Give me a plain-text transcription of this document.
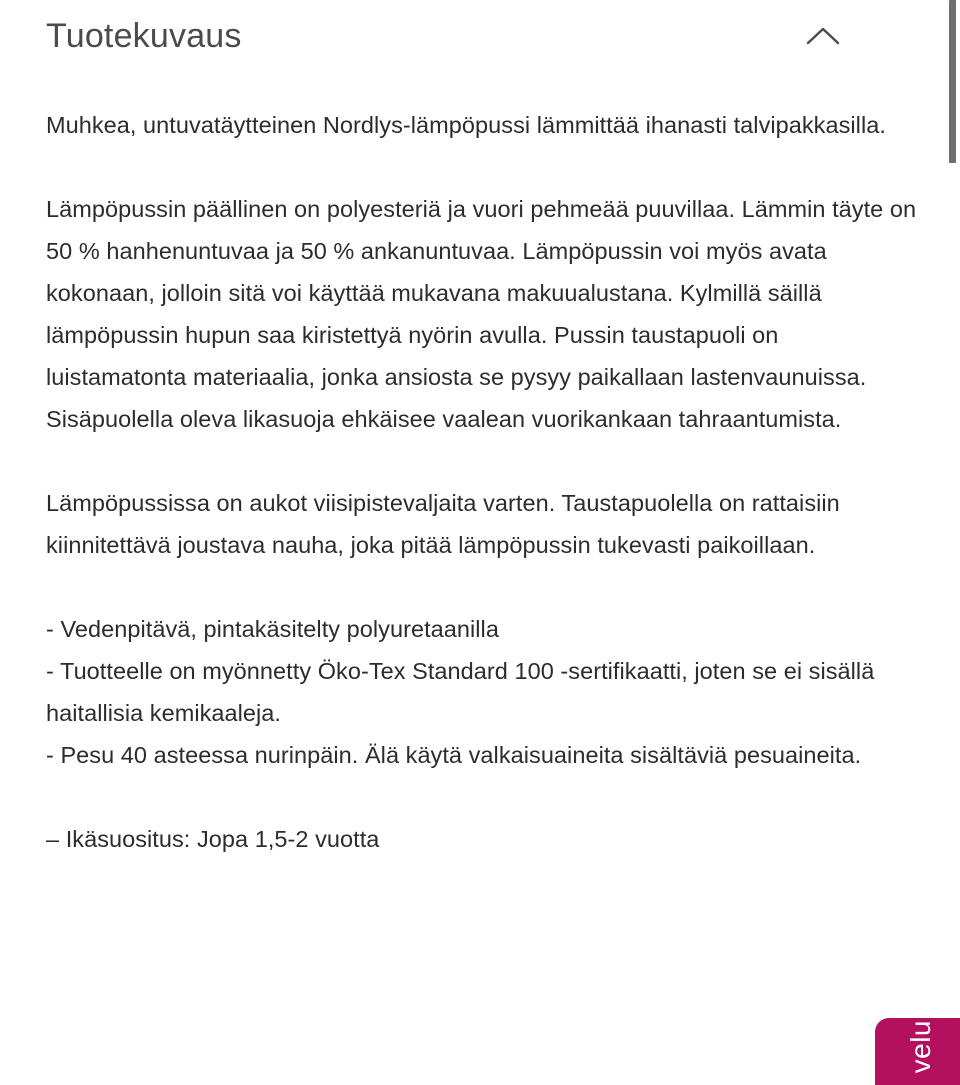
Tuotekuvaus

Muhkea, untuvatäytteinen Nordlys-lämpöpussi lämmittää ihanasti talvipakkasilla.

Lämpöpussin päällinen on polyesteriä ja vuori pehmeää puuvillaa. Lämmin täyte on 50 % hanhenuntuvaa ja 50 % ankanuntuvaa. Lämpöpussin voi myös avata kokonaan, jolloin sitä voi käyttää mukavana makuualustana. Kylmillä säillä lämpöpussin hupun saa kiristettyä nyörin avulla. Pussin taustapuoli on luistamatonta materiaalia, jonka ansiosta se pysyy paikallaan lastenvaunuissa. Sisäpuolella oleva likasuoja ehkäisee vaalean vuorikankaan tahraantumista.

Lämpöpussissa on aukot viisipistevaljaita varten. Taustapuolella on rattaisiin kiinnitettävä joustava nauha, joka pitää lämpöpussin tukevasti paikoillaan.

- Vedenpitävä, pintakäsitelty polyuretaanilla

- Tuotteelle on myönnetty Öko-Tex Standard 100 -sertifikaatti, joten se ei sisällä haitallisia kemikaaleja.

- Pesu 40 asteessa nurinpäin. Älä käytä valkaisuaineita sisältäviä pesuaineita.

– Ikäsuositus: Jopa 1,5-2 vuotta

velu
